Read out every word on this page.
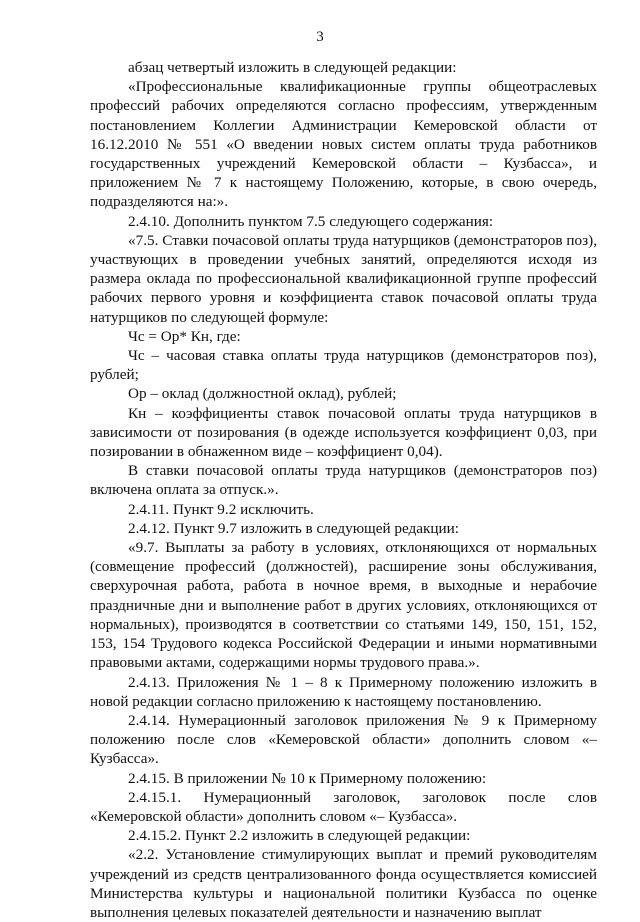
3

абзац четвертый изложить в следующей редакции:

«Профессиональные квалификационные группы общеотраслевых профессий рабочих определяются согласно профессиям, утвержденным постановлением Коллегии Администрации Кемеровской области от 16.12.2010 № 551 «О введении новых систем оплаты труда работников государственных учреждений Кемеровской области – Кузбасса», и приложением № 7 к настоящему Положению, которые, в свою очередь, подразделяются на:».

2.4.10. Дополнить пунктом 7.5 следующего содержания:

«7.5. Ставки почасовой оплаты труда натурщиков (демонстраторов поз), участвующих в проведении учебных занятий, определяются исходя из размера оклада по профессиональной квалификационной группе профессий рабочих первого уровня и коэффициента ставок почасовой оплаты труда натурщиков по следующей формуле:

Чс = Ор* Кн, где:

Чс – часовая ставка оплаты труда натурщиков (демонстраторов поз), рублей;

Ор – оклад (должностной оклад), рублей;

Кн – коэффициенты ставок почасовой оплаты труда натурщиков в зависимости от позирования (в одежде используется коэффициент 0,03, при позировании в обнаженном виде – коэффициент 0,04).

В ставки почасовой оплаты труда натурщиков (демонстраторов поз) включена оплата за отпуск.».

2.4.11. Пункт 9.2 исключить.

2.4.12. Пункт 9.7 изложить в следующей редакции:

«9.7. Выплаты за работу в условиях, отклоняющихся от нормальных (совмещение профессий (должностей), расширение зоны обслуживания, сверхурочная работа, работа в ночное время, в выходные и нерабочие праздничные дни и выполнение работ в других условиях, отклоняющихся от нормальных), производятся в соответствии со статьями 149, 150, 151, 152, 153, 154 Трудового кодекса Российской Федерации и иными нормативными правовыми актами, содержащими нормы трудового права.».

2.4.13. Приложения № 1 – 8 к Примерному положению изложить в новой редакции согласно приложению к настоящему постановлению.

2.4.14. Нумерационный заголовок приложения № 9 к Примерному положению после слов «Кемеровской области» дополнить словом «– Кузбасса».

2.4.15. В приложении № 10 к Примерному положению:

2.4.15.1. Нумерационный заголовок, заголовок после слов «Кемеровской области» дополнить словом «– Кузбасса».

2.4.15.2. Пункт 2.2 изложить в следующей редакции:

«2.2. Установление стимулирующих выплат и премий руководителям учреждений из средств централизованного фонда осуществляется комиссией Министерства культуры и национальной политики Кузбасса по оценке выполнения целевых показателей деятельности и назначению выплат
